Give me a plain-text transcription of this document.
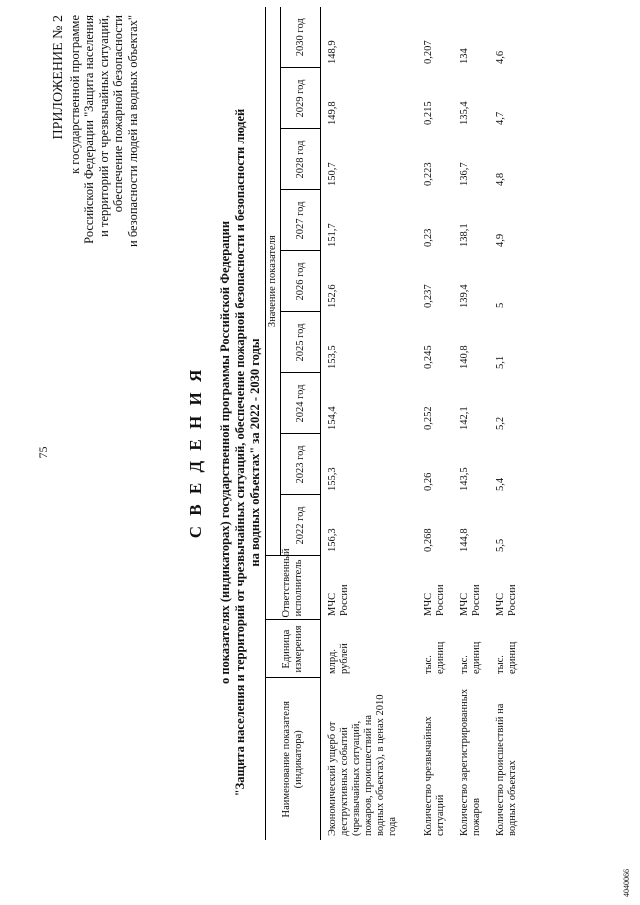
75
ПРИЛОЖЕНИЕ № 2 к государственной программе Российской Федерации "Защита населения и территорий от чрезвычайных ситуаций, обеспечение пожарной безопасности и безопасности людей на водных объектах"
С В Е Д Е Н И Я о показателях (индикаторах) государственной программы Российской Федерации "Защита населения и территорий от чрезвычайных ситуаций, обеспечение пожарной безопасности и безопасности людей на водных объектах" за 2022 - 2030 годы
Наименование показателя (индикатора)	Единица измерения	Ответственный исполнитель	Значение показателя								
			2022 год	2023 год	2024 год	2025 год	2026 год	2027 год	2028 год	2029 год	2030 год
Экономический ущерб от деструктивных событий (чрезвычайных ситуаций, пожаров, происшествий на водных объектах), в ценах 2010 года	млрд. рублей	МЧС России	156,3	155,3	154,4	153,5	152,6	151,7	150,7	149,8	148,9
Количество чрезвычайных ситуаций	тыс. единиц	МЧС России	0,268	0,26	0,252	0,245	0,237	0,23	0,223	0,215	0,207
Количество зарегистрированных пожаров	тыс. единиц	МЧС России	144,8	143,5	142,1	140,8	139,4	138,1	136,7	135,4	134
Количество происшествий на водных объектах	тыс. единиц	МЧС России	5,5	5,4	5,2	5,1	5	4,9	4,8	4,7	4,6
4040066
